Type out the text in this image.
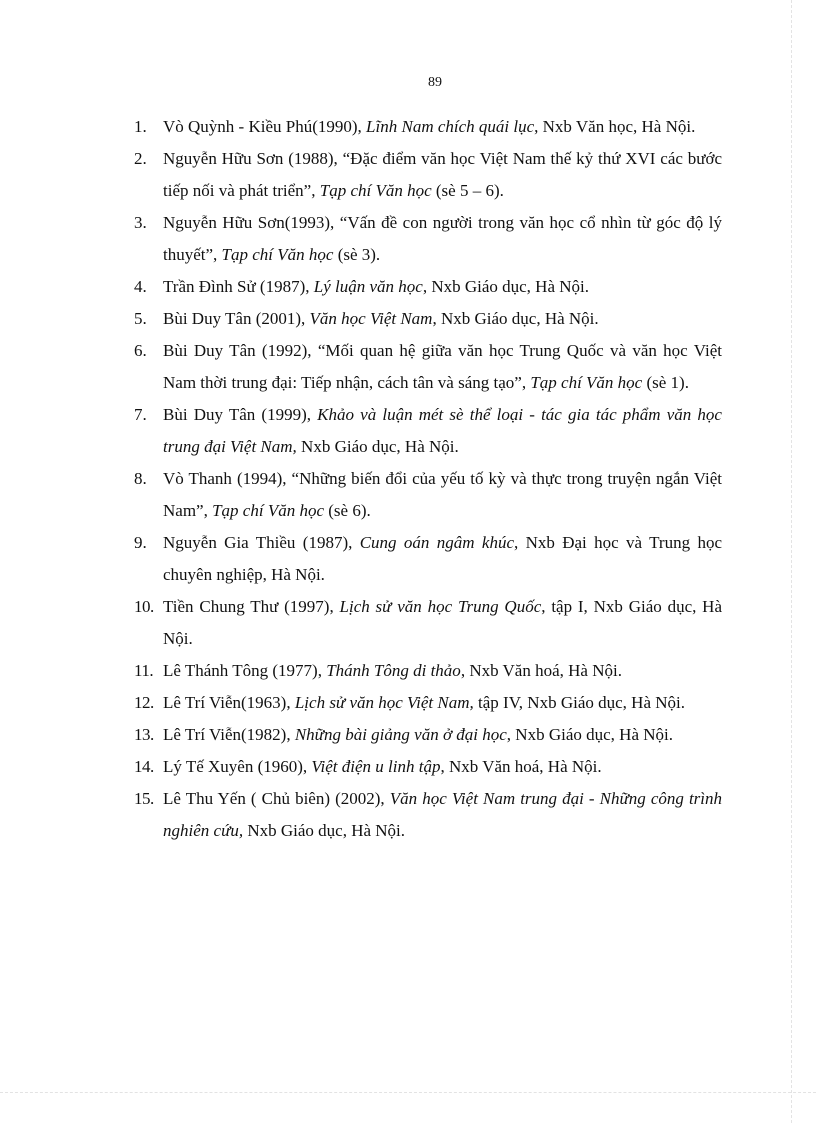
89
1. Vò Quỳnh - Kiều Phú(1990), Lĩnh Nam chích quái lục, Nxb Văn học, Hà Nội.
2. Nguyễn Hữu Sơn (1988), “Đặc điểm văn học Việt Nam thế kỷ thứ XVI các bước tiếp nối và phát triển”, Tạp chí Văn học (sè 5 – 6).
3. Nguyễn Hữu Sơn(1993), “Vấn đề con người trong văn học cổ nhìn từ góc độ lý thuyết”, Tạp chí Văn học (sè 3).
4. Trần Đình Sử (1987), Lý luận văn học, Nxb Giáo dục, Hà Nội.
5. Bùi Duy Tân (2001), Văn học Việt Nam, Nxb Giáo dục, Hà Nội.
6. Bùi Duy Tân (1992), “Mối quan hệ giữa văn học Trung Quốc và văn học Việt Nam thời trung đại: Tiếp nhận, cách tân và sáng tạo”, Tạp chí Văn học (sè 1).
7. Bùi Duy Tân (1999), Khảo và luận mét sè thể loại - tác gia tác phẩm văn học trung đại Việt Nam, Nxb Giáo dục, Hà Nội.
8. Vò Thanh (1994), “Những biến đổi của yếu tố kỳ và thực trong truyện ngắn Việt Nam”, Tạp chí Văn học (sè 6).
9. Nguyễn Gia Thiều (1987), Cung oán ngâm khúc, Nxb Đại học và Trung học chuyên nghiệp, Hà Nội.
10. Tiền Chung Thư (1997), Lịch sử văn học Trung Quốc, tập I, Nxb Giáo dục, Hà Nội.
11. Lê Thánh Tông (1977), Thánh Tông di thảo, Nxb Văn hoá, Hà Nội.
12. Lê Trí Viễn(1963), Lịch sử văn học Việt Nam, tập IV, Nxb Giáo dục, Hà Nội.
13. Lê Trí Viễn(1982), Những bài giảng văn ở đại học, Nxb Giáo dục, Hà Nội.
14. Lý Tế Xuyên (1960), Việt điện u linh tập, Nxb Văn hoá, Hà Nội.
15. Lê Thu Yến ( Chủ biên) (2002), Văn học Việt Nam trung đại - Những công trình nghiên cứu, Nxb Giáo dục, Hà Nội.
